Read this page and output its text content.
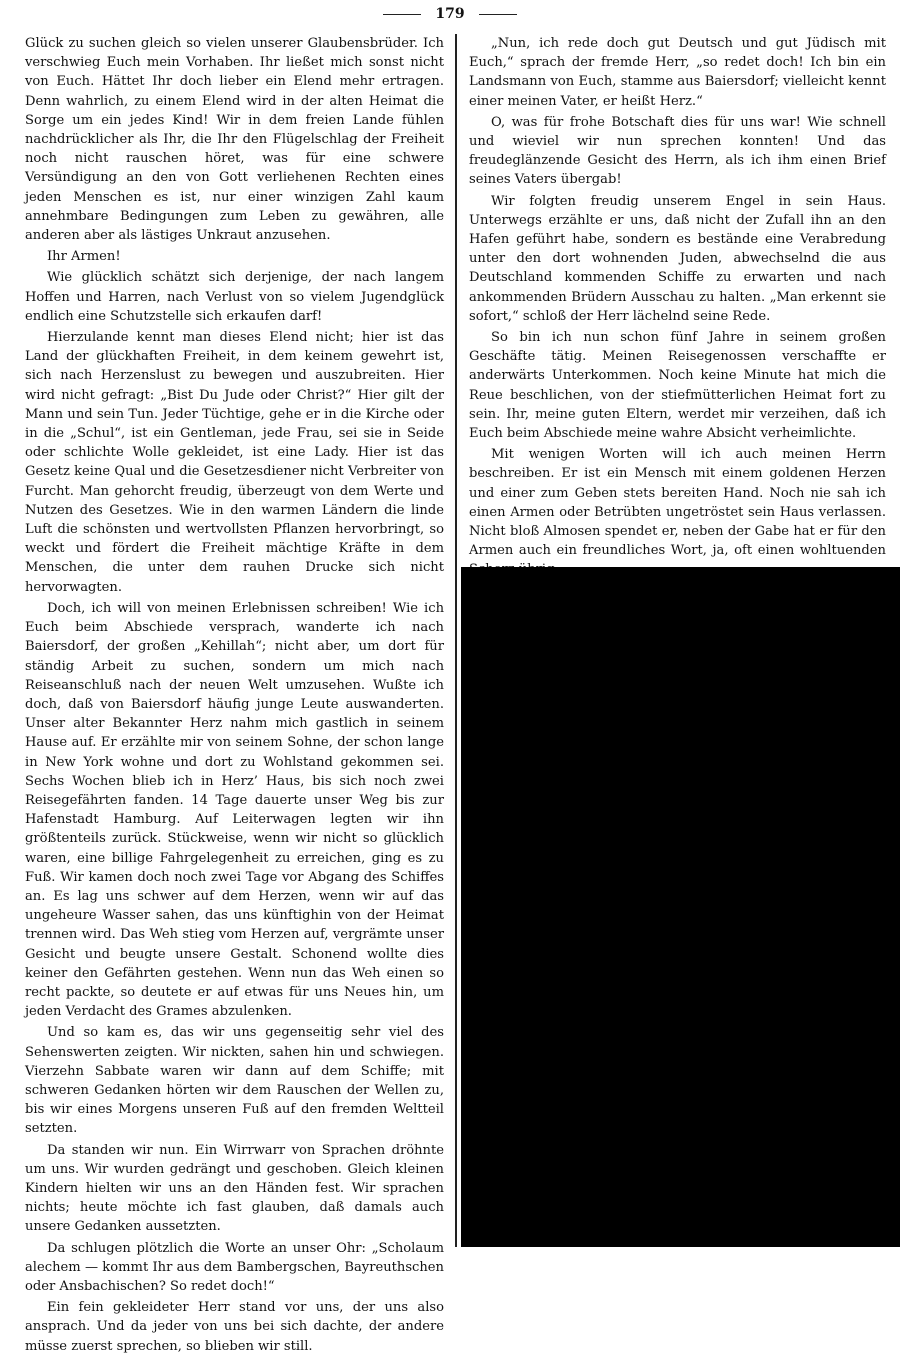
179

Glück zu suchen gleich so vielen unserer Glaubensbrüder. Ich verschwieg Euch mein Vorhaben. Ihr ließet mich sonst nicht von Euch. Hättet Ihr doch lieber ein Elend mehr ertragen. Denn wahrlich, zu einem Elend wird in der alten Heimat die Sorge um ein jedes Kind! Wir in dem freien Lande fühlen nachdrücklicher als Ihr, die Ihr den Flügelschlag der Freiheit noch nicht rauschen höret, was für eine schwere Versündigung an den von Gott verliehenen Rechten eines jeden Menschen es ist, nur einer winzigen Zahl kaum annehmbare Bedingungen zum Leben zu gewähren, alle anderen aber als lästiges Unkraut anzusehen.

Ihr Armen!

Wie glücklich schätzt sich derjenige, der nach langem Hoffen und Harren, nach Verlust von so vielem Jugendglück endlich eine Schutzstelle sich erkaufen darf!

Hierzulande kennt man dieses Elend nicht; hier ist das Land der glückhaften Freiheit, in dem keinem gewehrt ist, sich nach Herzenslust zu bewegen und auszubreiten. Hier wird nicht gefragt: „Bist Du Jude oder Christ?“ Hier gilt der Mann und sein Tun. Jeder Tüchtige, gehe er in die Kirche oder in die „Schul“, ist ein Gentleman, jede Frau, sei sie in Seide oder schlichte Wolle gekleidet, ist eine Lady. Hier ist das Gesetz keine Qual und die Gesetzesdiener nicht Verbreiter von Furcht. Man gehorcht freudig, überzeugt von dem Werte und Nutzen des Gesetzes. Wie in den warmen Ländern die linde Luft die schönsten und wertvollsten Pflanzen hervorbringt, so weckt und fördert die Freiheit mächtige Kräfte in dem Menschen, die unter dem rauhen Drucke sich nicht hervorwagten.

Doch, ich will von meinen Erlebnissen schreiben! Wie ich Euch beim Abschiede versprach, wanderte ich nach Baiersdorf, der großen „Kehillah“; nicht aber, um dort für ständig Arbeit zu suchen, sondern um mich nach Reiseanschluß nach der neuen Welt umzusehen. Wußte ich doch, daß von Baiersdorf häufig junge Leute auswanderten. Unser alter Bekannter Herz nahm mich gastlich in seinem Hause auf. Er erzählte mir von seinem Sohne, der schon lange in New York wohne und dort zu Wohlstand gekommen sei. Sechs Wochen blieb ich in Herz’ Haus, bis sich noch zwei Reisegefährten fanden. 14 Tage dauerte unser Weg bis zur Hafenstadt Hamburg. Auf Leiterwagen legten wir ihn größtenteils zurück. Stückweise, wenn wir nicht so glücklich waren, eine billige Fahrgelegenheit zu erreichen, ging es zu Fuß. Wir kamen doch noch zwei Tage vor Abgang des Schiffes an. Es lag uns schwer auf dem Herzen, wenn wir auf das ungeheure Wasser sahen, das uns künftighin von der Heimat trennen wird. Das Weh stieg vom Herzen auf, vergrämte unser Gesicht und beugte unsere Gestalt. Schonend wollte dies keiner den Gefährten gestehen. Wenn nun das Weh einen so recht packte, so deutete er auf etwas für uns Neues hin, um jeden Verdacht des Grames abzulenken.

Und so kam es, das wir uns gegenseitig sehr viel des Sehenswerten zeigten. Wir nickten, sahen hin und schwiegen. Vierzehn Sabbate waren wir dann auf dem Schiffe; mit schweren Gedanken hörten wir dem Rauschen der Wellen zu, bis wir eines Morgens unseren Fuß auf den fremden Weltteil setzten.

Da standen wir nun. Ein Wirrwarr von Sprachen dröhnte um uns. Wir wurden gedrängt und geschoben. Gleich kleinen Kindern hielten wir uns an den Händen fest. Wir sprachen nichts; heute möchte ich fast glauben, daß damals auch unsere Gedanken aussetzten.

Da schlugen plötzlich die Worte an unser Ohr: „Scholaum alechem — kommt Ihr aus dem Bambergschen, Bayreuthschen oder Ansbachischen? So redet doch!“

Ein fein gekleideter Herr stand vor uns, der uns also ansprach. Und da jeder von uns bei sich dachte, der andere müsse zuerst sprechen, so blieben wir still.

„Nun, ich rede doch gut Deutsch und gut Jüdisch mit Euch,“ sprach der fremde Herr, „so redet doch! Ich bin ein Landsmann von Euch, stamme aus Baiersdorf; vielleicht kennt einer meinen Vater, er heißt Herz.“

O, was für frohe Botschaft dies für uns war! Wie schnell und wieviel wir nun sprechen konnten! Und das freudeglänzende Gesicht des Herrn, als ich ihm einen Brief seines Vaters übergab!

Wir folgten freudig unserem Engel in sein Haus. Unterwegs erzählte er uns, daß nicht der Zufall ihn an den Hafen geführt habe, sondern es bestände eine Verabredung unter den dort wohnenden Juden, abwechselnd die aus Deutschland kommenden Schiffe zu erwarten und nach ankommenden Brüdern Ausschau zu halten. „Man erkennt sie sofort,“ schloß der Herr lächelnd seine Rede.

So bin ich nun schon fünf Jahre in seinem großen Geschäfte tätig. Meinen Reisegenossen verschaffte er anderwärts Unterkommen. Noch keine Minute hat mich die Reue beschlichen, von der stiefmütterlichen Heimat fort zu sein. Ihr, meine guten Eltern, werdet mir verzeihen, daß ich Euch beim Abschiede meine wahre Absicht verheimlichte.

Mit wenigen Worten will ich auch meinen Herrn beschreiben. Er ist ein Mensch mit einem goldenen Herzen und einer zum Geben stets bereiten Hand. Noch nie sah ich einen Armen oder Betrübten ungetröstet sein Haus verlassen. Nicht bloß Almosen spendet er, neben der Gabe hat er für den Armen auch ein freundliches Wort, ja, oft einen wohltuenden
